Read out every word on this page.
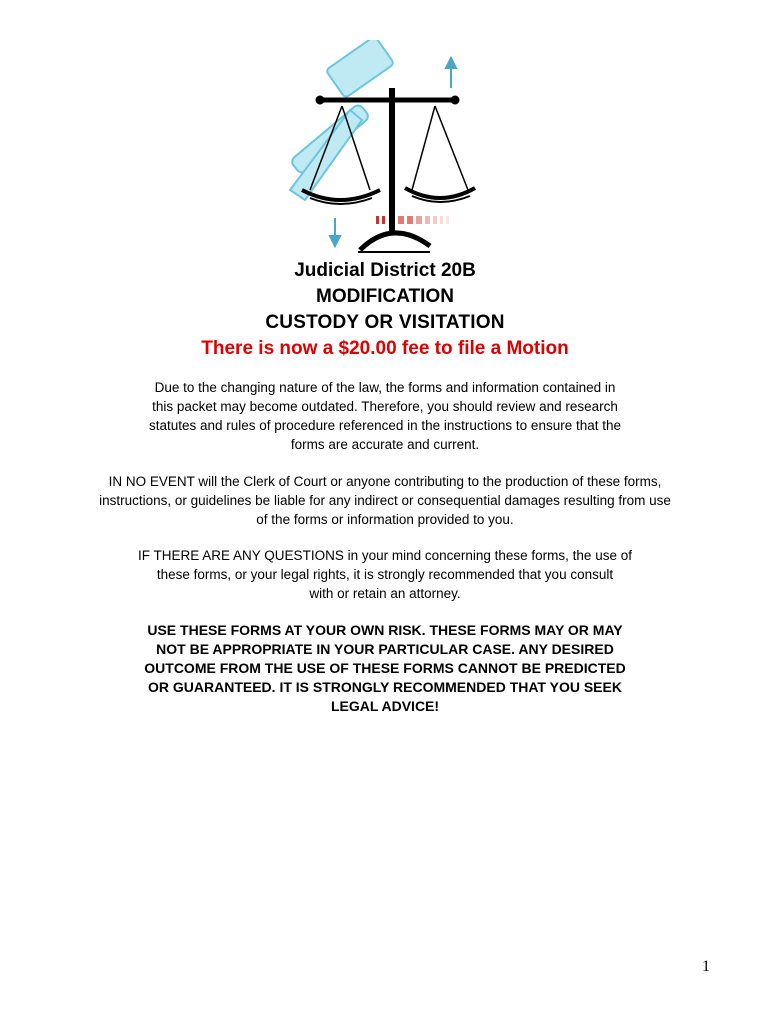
Judicial District 20B
MODIFICATION
CUSTODY OR VISITATION
There is now a $20.00 fee to file a Motion
Due to the changing nature of the law, the forms and information contained in
this packet may become outdated. Therefore, you should review and research
statutes and rules of procedure referenced in the instructions to ensure that the
forms are accurate and current.
IN NO EVENT will the Clerk of Court or anyone contributing to the production of these forms,
instructions, or guidelines be liable for any indirect or consequential damages resulting from use
of the forms or information provided to you.
IF THERE ARE ANY QUESTIONS in your mind concerning these forms, the use of
these forms, or your legal rights, it is strongly recommended that you consult
with or retain an attorney.
USE THESE FORMS AT YOUR OWN RISK. THESE FORMS MAY OR MAY
NOT BE APPROPRIATE IN YOUR PARTICULAR CASE. ANY DESIRED
OUTCOME FROM THE USE OF THESE FORMS CANNOT BE PREDICTED
OR GUARANTEED. IT IS STRONGLY RECOMMENDED THAT YOU SEEK
LEGAL ADVICE!
1
